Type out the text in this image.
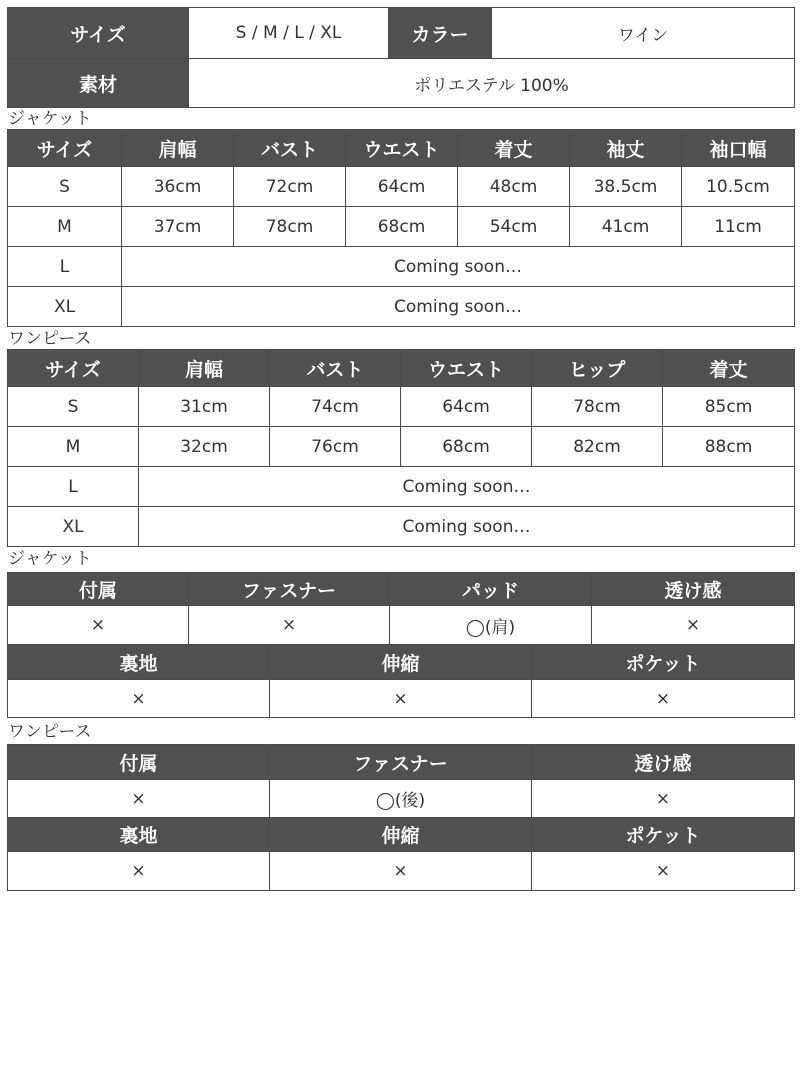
サイズ	S / M / L / XL	カラー	ワイン
素材	ポリエステル 100%		
ジャケット
サイズ	肩幅	バスト	ウエスト	着丈	袖丈	袖口幅
S	36cm	72cm	64cm	48cm	38.5cm	10.5cm
M	37cm	78cm	68cm	54cm	41cm	11cm
L	Coming soon…					
XL	Coming soon…					
ワンピース
サイズ	肩幅	バスト	ウエスト	ヒップ	着丈
S	31cm	74cm	64cm	78cm	85cm
M	32cm	76cm	68cm	82cm	88cm
L	Coming soon…				
XL	Coming soon…				
ジャケット
付属	ファスナー	パッド	透け感
×	×	◯(肩)	×
裏地	伸縮	ポケット
×	×	×
ワンピース
付属	ファスナー	透け感
×	◯(後)	×
裏地	伸縮	ポケット
×	×	×
